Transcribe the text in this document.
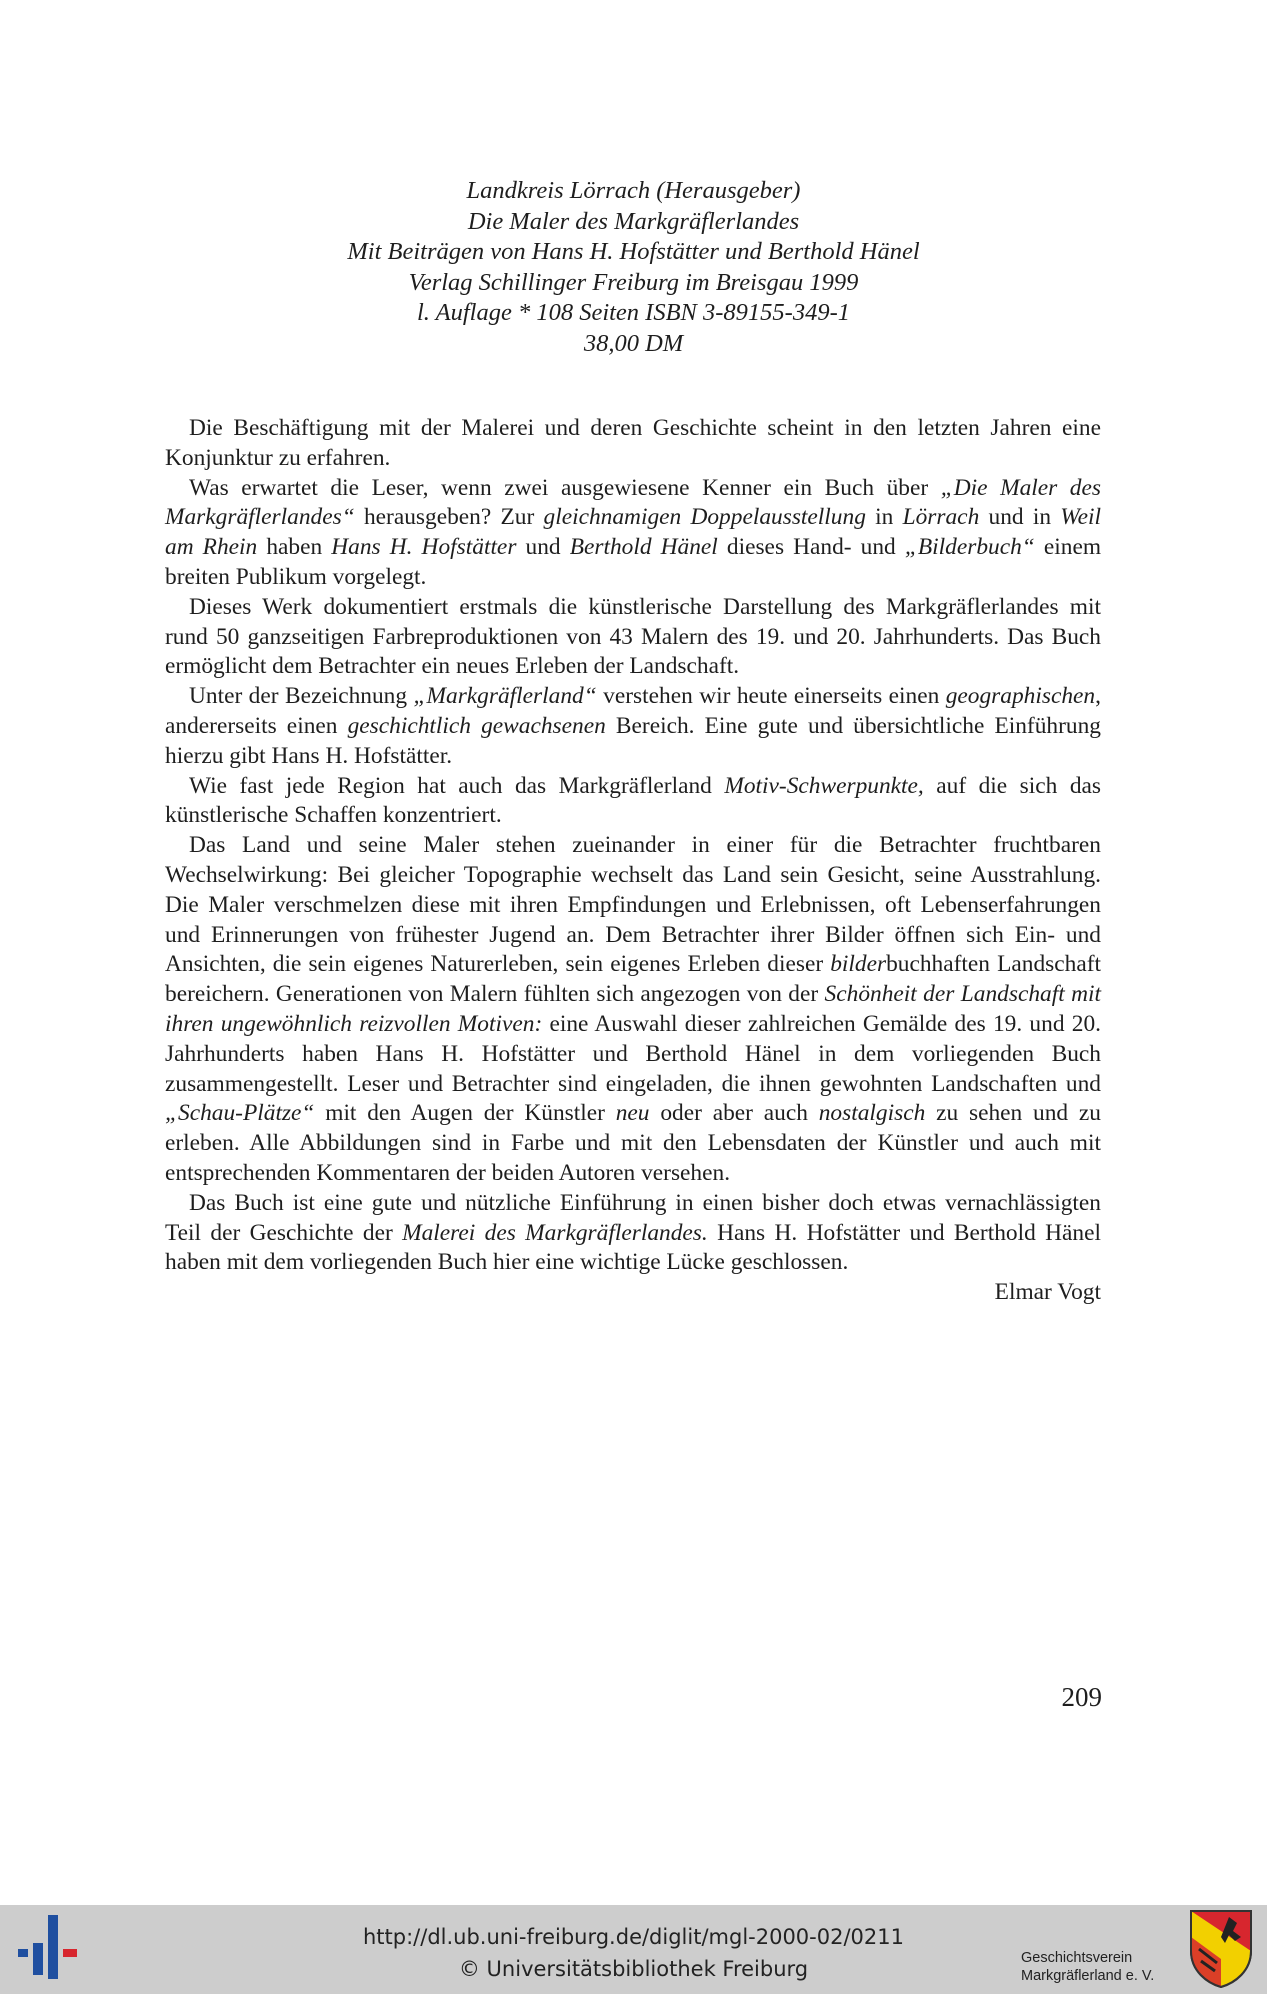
Landkreis Lörrach (Herausgeber)
Die Maler des Markgräflerlandes
Mit Beiträgen von Hans H. Hofstätter und Berthold Hänel
Verlag Schillinger Freiburg im Breisgau 1999
l. Auflage * 108 Seiten ISBN 3-89155-349-1
38,00 DM

Die Beschäftigung mit der Malerei und deren Geschichte scheint in den letzten Jahren eine Konjunktur zu erfahren.

Was erwartet die Leser, wenn zwei ausgewiesene Kenner ein Buch über „Die Maler des Markgräflerlandes“ herausgeben? Zur gleichnamigen Doppelausstellung in Lörrach und in Weil am Rhein haben Hans H. Hofstätter und Berthold Hänel dieses Hand- und „Bilderbuch“ einem breiten Publikum vorgelegt.

Dieses Werk dokumentiert erstmals die künstlerische Darstellung des Markgräflerlandes mit rund 50 ganzseitigen Farbreproduktionen von 43 Malern des 19. und 20. Jahrhunderts. Das Buch ermöglicht dem Betrachter ein neues Erleben der Landschaft.

Unter der Bezeichnung „Markgräflerland“ verstehen wir heute einerseits einen geographischen, andererseits einen geschichtlich gewachsenen Bereich. Eine gute und übersichtliche Einführung hierzu gibt Hans H. Hofstätter.

Wie fast jede Region hat auch das Markgräflerland Motiv-Schwerpunkte, auf die sich das künstlerische Schaffen konzentriert.

Das Land und seine Maler stehen zueinander in einer für die Betrachter fruchtbaren Wechselwirkung: Bei gleicher Topographie wechselt das Land sein Gesicht, seine Ausstrahlung. Die Maler verschmelzen diese mit ihren Empfindungen und Erlebnissen, oft Lebenserfahrungen und Erinnerungen von frühester Jugend an. Dem Betrachter ihrer Bilder öffnen sich Ein- und Ansichten, die sein eigenes Naturerleben, sein eigenes Erleben dieser bilderbuchhaften Landschaft bereichern. Generationen von Malern fühlten sich angezogen von der Schönheit der Landschaft mit ihren ungewöhnlich reizvollen Motiven: eine Auswahl dieser zahlreichen Gemälde des 19. und 20. Jahrhunderts haben Hans H. Hofstätter und Berthold Hänel in dem vorliegenden Buch zusammengestellt. Leser und Betrachter sind eingeladen, die ihnen gewohnten Landschaften und „Schau-Plätze“ mit den Augen der Künstler neu oder aber auch nostalgisch zu sehen und zu erleben. Alle Abbildungen sind in Farbe und mit den Lebensdaten der Künstler und auch mit entsprechenden Kommentaren der beiden Autoren versehen.

Das Buch ist eine gute und nützliche Einführung in einen bisher doch etwas vernachlässigten Teil der Geschichte der Malerei des Markgräflerlandes. Hans H. Hofstätter und Berthold Hänel haben mit dem vorliegenden Buch hier eine wichtige Lücke geschlossen.

Elmar Vogt

209
http://dl.ub.uni-freiburg.de/diglit/mgl-2000-02/0211
© Universitätsbibliothek Freiburg	Geschichtsverein
Markgräflerland e. V.
